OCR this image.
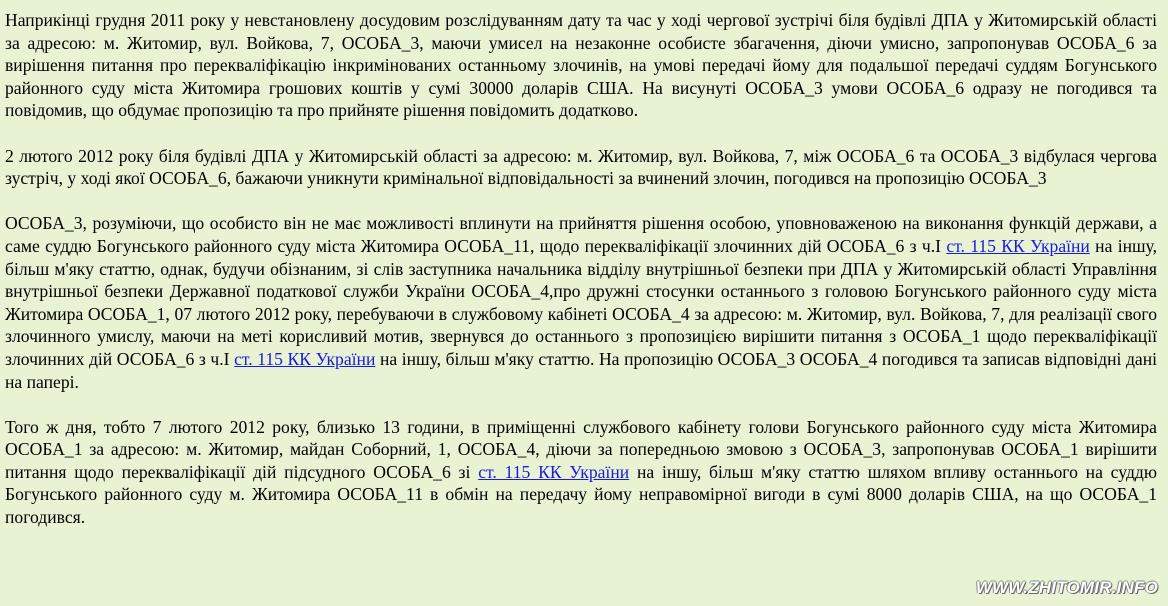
Наприкінці грудня 2011 року у невстановлену досудовим розслідуванням дату та час у ході чергової зустрічі біля будівлі ДПА у Житомирській області за адресою: м. Житомир, вул. Войкова, 7, ОСОБА_3, маючи умисел на незаконне особисте збагачення, діючи умисно, запропонував ОСОБА_6 за вирішення питання про перекваліфікацію інкримінованих останньому злочинів, на умові передачі йому для подальшої передачі суддям Богунського районного суду міста Житомира грошових коштів у сумі 30000 доларів США. На висунуті ОСОБА_3 умови ОСОБА_6 одразу не погодився та повідомив, що обдумає пропозицію та про прийняте рішення повідомить додатково.

2 лютого 2012 року біля будівлі ДПА у Житомирській області за адресою: м. Житомир, вул. Войкова, 7, між ОСОБА_6 та ОСОБА_3 відбулася чергова зустріч, у ході якої ОСОБА_6, бажаючи уникнути кримінальної відповідальності за вчинений злочин, погодився на пропозицію ОСОБА_3

ОСОБА_3, розуміючи, що особисто він не має можливості вплинути на прийняття рішення особою, уповноваженою на виконання функцій держави, а саме суддю Богунського районного суду міста Житомира ОСОБА_11, щодо перекваліфікації злочинних дій ОСОБА_6 з ч.І ст. 115 КК України на іншу, більш м'яку статтю, однак, будучи обізнаним, зі слів заступника начальника відділу внутрішньої безпеки при ДПА у Житомирській області Управління внутрішньої безпеки Державної податкової служби України ОСОБА_4,про дружні стосунки останнього з головою Богунського районного суду міста Житомира ОСОБА_1, 07 лютого 2012 року, перебуваючи в службовому кабінеті ОСОБА_4 за адресою: м. Житомир, вул. Войкова, 7, для реалізації свого злочинного умислу, маючи на меті корисливий мотив, звернувся до останнього з пропозицією вирішити питання з ОСОБА_1 щодо перекваліфікації злочинних дій ОСОБА_6 з ч.І ст. 115 КК України на іншу, більш м'яку статтю. На пропозицію ОСОБА_3 ОСОБА_4 погодився та записав відповідні дані на папері.

Того ж дня, тобто 7 лютого 2012 року, близько 13 години, в приміщенні службового кабінету голови Богунського районного суду міста Житомира ОСОБА_1 за адресою: м. Житомир, майдан Соборний, 1, ОСОБА_4, діючи за попередньою змовою з ОСОБА_3, запропонував ОСОБА_1 вирішити питання щодо перекваліфікації дій підсудного ОСОБА_6 зі ст. 115 КК України на іншу, більш м'яку статтю шляхом впливу останнього на суддю Богунського районного суду м. Житомира ОСОБА_11 в обмін на передачу йому неправомірної вигоди в сумі 8000 доларів США, на що ОСОБА_1 погодився.

WWW.ZHITOMIR.INFO
